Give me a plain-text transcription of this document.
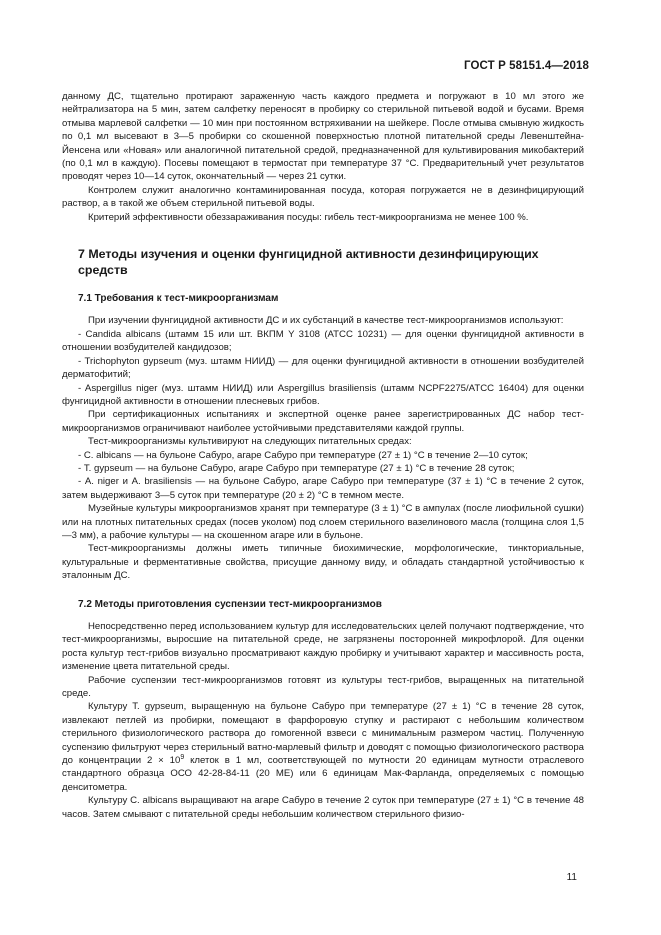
ГОСТ Р 58151.4—2018

данному ДС, тщательно протирают зараженную часть каждого предмета и погружают в 10 мл этого же нейтрализатора на 5 мин, затем салфетку переносят в пробирку со стерильной питьевой водой и бусами. Время отмыва марлевой салфетки — 10 мин при постоянном встряхивании на шейкере. После отмыва смывную жидкость по 0,1 мл высевают в 3—5 пробирки со скошенной поверхностью плотной питательной среды Левенштейна-Йенсена или «Новая» или аналогичной питательной средой, предназначенной для культивирования микобактерий (по 0,1 мл в каждую). Посевы помещают в термостат при температуре 37 °С. Предварительный учет результатов проводят через 10—14 суток, окончательный — через 21 сутки.

Контролем служит аналогично контаминированная посуда, которая погружается не в дезинфицирующий раствор, а в такой же объем стерильной питьевой воды.

Критерий эффективности обеззараживания посуды: гибель тест-микроорганизма не менее 100 %.

7 Методы изучения и оценки фунгицидной активности дезинфицирующих средств
7.1 Требования к тест-микроорганизмам

При изучении фунгицидной активности ДС и их субстанций в качестве тест-микроорганизмов используют:

- Candida albicans (штамм 15 или шт. ВКПМ Y 3108 (АТСС 10231) — для оценки фунгицидной активности в отношении возбудителей кандидозов;

- Trichophyton gypseum (муз. штамм НИИД) — для оценки фунгицидной активности в отношении возбудителей дерматофитий;

- Aspergillus niger (муз. штамм НИИД) или Aspergillus brasiliensis (штамм NCPF2275/ATCC 16404) для оценки фунгицидной активности в отношении плесневых грибов.

При сертификационных испытаниях и экспертной оценке ранее зарегистрированных ДС набор тест-микроорганизмов ограничивают наиболее устойчивыми представителями каждой группы.

Тест-микроорганизмы культивируют на следующих питательных средах:

- С. albicans — на бульоне Сабуро, агаре Сабуро при температуре (27 ± 1) °С в течение 2—10 суток;

- Т. gypseum — на бульоне Сабуро, агаре Сабуро при температуре (27 ± 1) °С в течение 28 суток;

- А. niger и А. brasiliensis — на бульоне Сабуро, агаре Сабуро при температуре (37 ± 1) °С в течение 2 суток, затем выдерживают 3—5 суток при температуре (20 ± 2) °С в темном месте.

Музейные культуры микроорганизмов хранят при температуре (3 ± 1) °С в ампулах (после лиофильной сушки) или на плотных питательных средах (посев уколом) под слоем стерильного вазелинового масла (толщина слоя 1,5—3 мм), а рабочие культуры — на скошенном агаре или в бульоне.

Тест-микроорганизмы должны иметь типичные биохимические, морфологические, тинкториальные, культуральные и ферментативные свойства, присущие данному виду, и обладать стандартной устойчивостью к эталонным ДС.

7.2 Методы приготовления суспензии тест-микроорганизмов

Непосредственно перед использованием культур для исследовательских целей получают подтверждение, что тест-микроорганизмы, выросшие на питательной среде, не загрязнены посторонней микрофлорой. Для оценки роста культур тест-грибов визуально просматривают каждую пробирку и учитывают характер и массивность роста, изменение цвета питательной среды.

Рабочие суспензии тест-микроорганизмов готовят из культуры тест-грибов, выращенных на питательной среде.

Культуру Т. gypseum, выращенную на бульоне Сабуро при температуре (27 ± 1) °С в течение 28 суток, извлекают петлей из пробирки, помещают в фарфоровую ступку и растирают с небольшим количеством стерильного физиологического раствора до гомогенной взвеси с минимальным размером частиц. Полученную суспензию фильтруют через стерильный ватно-марлевый фильтр и доводят с помощью физиологического раствора до концентрации $2 \times 10^9$ клеток в 1 мл, соответствующей по мутности 20 единицам мутности отраслевого стандартного образца ОСО 42-28-84-11 (20 МЕ) или 6 единицам Мак-Фарланда, определяемых с помощью денситометра.

Культуру С. albicans выращивают на агаре Сабуро в течение 2 суток при температуре (27 ± 1) °С в течение 48 часов. Затем смывают с питательной среды небольшим количеством стерильного физио-

11
